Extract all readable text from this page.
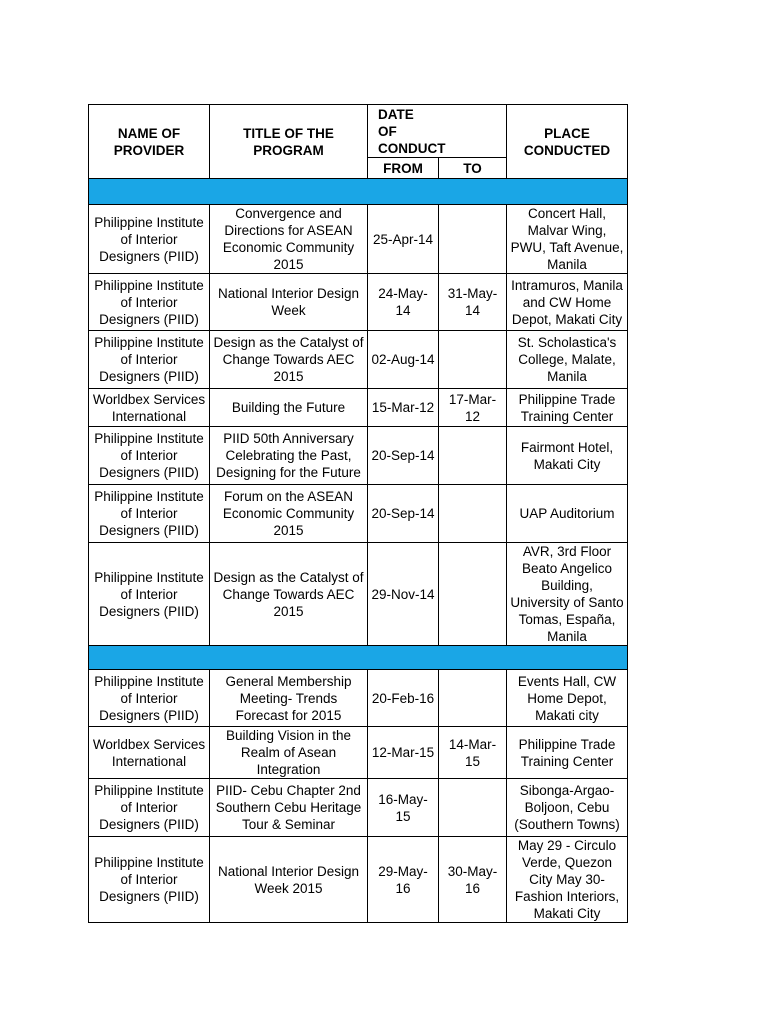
NAME OF PROVIDER	TITLE OF THE PROGRAM	DATE OF CONDUCT		PLACE CONDUCTED
		FROM	TO	

Philippine Institute of Interior Designers (PIID)	Convergence and Directions for ASEAN Economic Community 2015	25-Apr-14		Concert Hall, Malvar Wing, PWU, Taft Avenue, Manila
Philippine Institute of Interior Designers (PIID)	National Interior Design Week	24-May-14	31-May-14	Intramuros, Manila and CW Home Depot, Makati City
Philippine Institute of Interior Designers (PIID)	Design as the Catalyst of Change Towards AEC 2015	02-Aug-14		St. Scholastica's College, Malate, Manila
Worldbex Services International	Building the Future	15-Mar-12	17-Mar-12	Philippine Trade Training Center
Philippine Institute of Interior Designers (PIID)	PIID 50th Anniversary Celebrating the Past, Designing for the Future	20-Sep-14		Fairmont Hotel, Makati City
Philippine Institute of Interior Designers (PIID)	Forum on the ASEAN Economic Community 2015	20-Sep-14		UAP Auditorium
Philippine Institute of Interior Designers (PIID)	Design as the Catalyst of Change Towards AEC 2015	29-Nov-14		AVR, 3rd Floor Beato Angelico Building, University of Santo Tomas, España, Manila

Philippine Institute of Interior Designers (PIID)	General Membership Meeting- Trends Forecast for 2015	20-Feb-16		Events Hall, CW Home Depot, Makati city
Worldbex Services International	Building Vision in the Realm of Asean Integration	12-Mar-15	14-Mar-15	Philippine Trade Training Center
Philippine Institute of Interior Designers (PIID)	PIID- Cebu Chapter 2nd Southern Cebu Heritage Tour & Seminar	16-May-15		Sibonga-Argao-Boljoon, Cebu (Southern Towns)
Philippine Institute of Interior Designers (PIID)	National Interior Design Week 2015	29-May-16	30-May-16	May 29 - Circulo Verde, Quezon City May 30- Fashion Interiors, Makati City
